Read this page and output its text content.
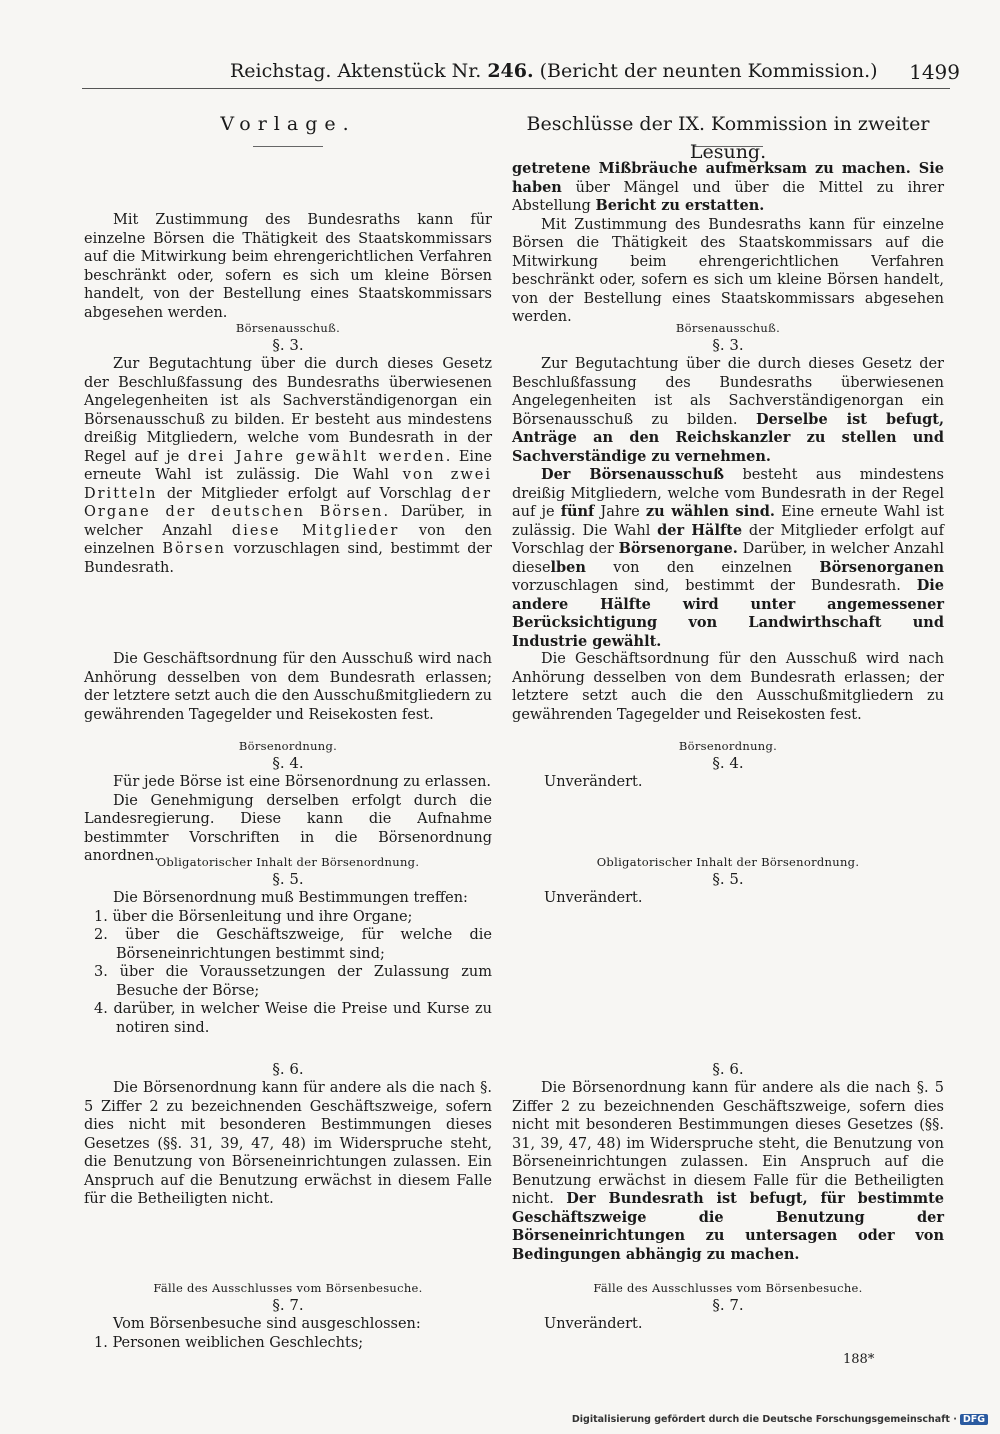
Reichstag. Aktenstück Nr. 246. (Bericht der neunten Kommission.) 1499
Vorlage.

Mit Zustimmung des Bundesraths kann für einzelne Börsen die Thätigkeit des Staatskommissars auf die Mitwirkung beim ehrengerichtlichen Verfahren beschränkt oder, sofern es sich um kleine Börsen handelt, von der Bestellung eines Staatskommissars abgesehen werden.

Börsenausschuß.
§. 3.

Zur Begutachtung über die durch dieses Gesetz der Beschlußfassung des Bundesraths überwiesenen Angelegenheiten ist als Sachverständigenorgan ein Börsenausschuß zu bilden. Er besteht aus mindestens dreißig Mitgliedern, welche vom Bundesrath in der Regel auf je drei Jahre gewählt werden. Eine erneute Wahl ist zulässig. Die Wahl von zwei Dritteln der Mitglieder erfolgt auf Vorschlag der Organe der deutschen Börsen. Darüber, in welcher Anzahl diese Mitglieder von den einzelnen Börsen vorzuschlagen sind, bestimmt der Bundesrath.

Die Geschäftsordnung für den Ausschuß wird nach Anhörung desselben von dem Bundesrath erlassen; der letztere setzt auch die den Ausschußmitgliedern zu gewährenden Tagegelder und Reisekosten fest.

Börsenordnung.
§. 4.

Für jede Börse ist eine Börsenordnung zu erlassen.

Die Genehmigung derselben erfolgt durch die Landesregierung. Diese kann die Aufnahme bestimmter Vorschriften in die Börsenordnung anordnen.

Obligatorischer Inhalt der Börsenordnung.
§. 5.

Die Börsenordnung muß Bestimmungen treffen:

1. über die Börsenleitung und ihre Organe;
2. über die Geschäftszweige, für welche die Börseneinrichtungen bestimmt sind;
3. über die Voraussetzungen der Zulassung zum Besuche der Börse;
4. darüber, in welcher Weise die Preise und Kurse zu notiren sind.
§. 6.

Die Börsenordnung kann für andere als die nach §. 5 Ziffer 2 zu bezeichnenden Geschäftszweige, sofern dies nicht mit besonderen Bestimmungen dieses Gesetzes (§§. 31, 39, 47, 48) im Widerspruche steht, die Benutzung von Börseneinrichtungen zulassen. Ein Anspruch auf die Benutzung erwächst in diesem Falle für die Betheiligten nicht.

Fälle des Ausschlusses vom Börsenbesuche.
§. 7.

Vom Börsenbesuche sind ausgeschlossen:

1. Personen weiblichen Geschlechts;
Beschlüsse der IX. Kommission in zweiter Lesung.

getretene Mißbräuche aufmerksam zu machen. Sie haben über Mängel und über die Mittel zu ihrer Abstellung Bericht zu erstatten.

Mit Zustimmung des Bundesraths kann für einzelne Börsen die Thätigkeit des Staatskommissars auf die Mitwirkung beim ehrengerichtlichen Verfahren beschränkt oder, sofern es sich um kleine Börsen handelt, von der Bestellung eines Staatskommissars abgesehen werden.

Börsenausschuß.
§. 3.

Zur Begutachtung über die durch dieses Gesetz der Beschlußfassung des Bundesraths überwiesenen Angelegenheiten ist als Sachverständigenorgan ein Börsenausschuß zu bilden. Derselbe ist befugt, Anträge an den Reichskanzler zu stellen und Sachverständige zu vernehmen.

Der Börsenausschuß besteht aus mindestens dreißig Mitgliedern, welche vom Bundesrath in der Regel auf je fünf Jahre zu wählen sind. Eine erneute Wahl ist zulässig. Die Wahl der Hälfte der Mitglieder erfolgt auf Vorschlag der Börsenorgane. Darüber, in welcher Anzahl dieselben von den einzelnen Börsenorganen vorzuschlagen sind, bestimmt der Bundesrath. Die andere Hälfte wird unter angemessener Berücksichtigung von Landwirthschaft und Industrie gewählt.

Die Geschäftsordnung für den Ausschuß wird nach Anhörung desselben von dem Bundesrath erlassen; der letztere setzt auch die den Ausschußmitgliedern zu gewährenden Tagegelder und Reisekosten fest.

Börsenordnung.
§. 4.
Unverändert.
Obligatorischer Inhalt der Börsenordnung.
§. 5.
Unverändert.
§. 6.

Die Börsenordnung kann für andere als die nach §. 5 Ziffer 2 zu bezeichnenden Geschäftszweige, sofern dies nicht mit besonderen Bestimmungen dieses Gesetzes (§§. 31, 39, 47, 48) im Widerspruche steht, die Benutzung von Börseneinrichtungen zulassen. Ein Anspruch auf die Benutzung erwächst in diesem Falle für die Betheiligten nicht. Der Bundesrath ist befugt, für bestimmte Geschäftszweige die Benutzung der Börseneinrichtungen zu untersagen oder von Bedingungen abhängig zu machen.

Fälle des Ausschlusses vom Börsenbesuche.
§. 7.
Unverändert.
188*
Digitalisierung gefördert durch die Deutsche Forschungsgemeinschaft · DFG
